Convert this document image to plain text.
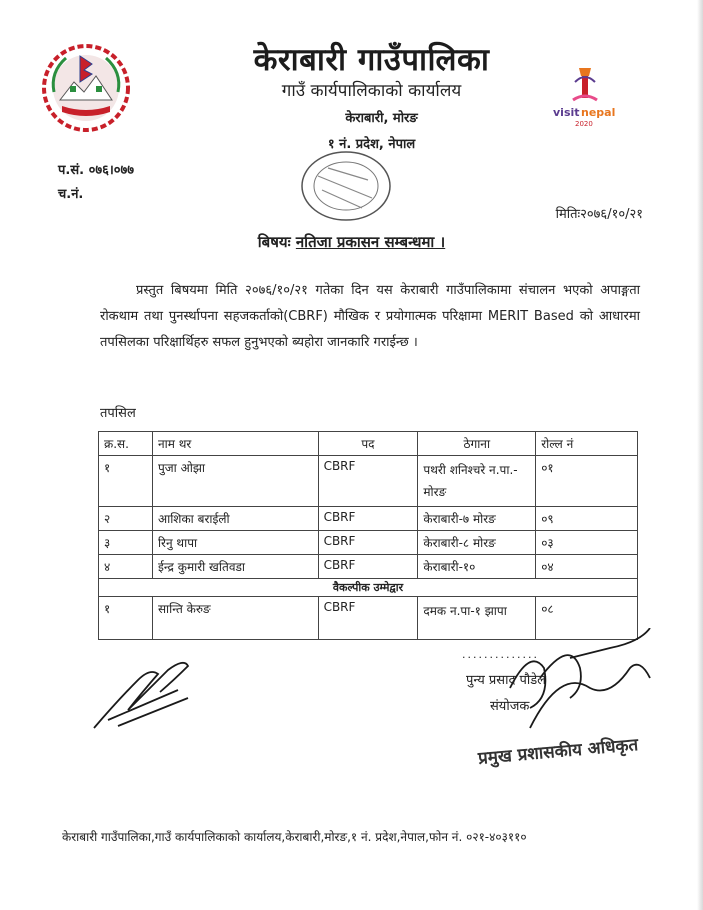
visit nepal
2020
केराबारी गाउँपालिका
गाउँ कार्यपालिकाको कार्यालय
केराबारी, मोरङ
१ नं. प्रदेश, नेपाल
प.सं. ०७६।०७७
च.नं.
मितिः२०७६/१०/२१
बिषयः नतिजा प्रकासन सम्बन्धमा ।
प्रस्तुत बिषयमा मिति २०७६/१०/२१ गतेका दिन यस केराबारी गाउँपालिकामा संचालन भएको अपाङ्गता रोकथाम तथा पुनर्स्थापना सहजकर्ताको(CBRF) मौखिक र प्रयोगात्मक परिक्षामा MERIT Based को आधारमा तपसिलका परिक्षार्थिहरु सफल हुनुभएको ब्यहोरा जानकारि गराईन्छ ।
तपसिल
क्र.स.	नाम थर	पद	ठेगाना	रोल्ल नं
१	पुजा ओझा	CBRF	पथरी शनिश्चरे न.पा.-मोरङ	०१
२	आशिका बराईली	CBRF	केराबारी-७ मोरङ	०९
३	रिनु थापा	CBRF	केराबारी-८ मोरङ	०३
४	ईन्द्र कुमारी खतिवडा	CBRF	केराबारी-१०	०४
वैकल्पीक उम्मेद्वार				
१	सान्ति केरुङ	CBRF	दमक न.पा-१ झापा	०८
..............
पुन्य प्रसाद पौडेल
संयोजक
प्रमुख प्रशासकीय अधिकृत
केराबारी गाउँपालिका,गाउँ कार्यपालिकाको कार्यालय,केराबारी,मोरङ,१ नं. प्रदेश,नेपाल,फोन नं. ०२१-४०३११०
